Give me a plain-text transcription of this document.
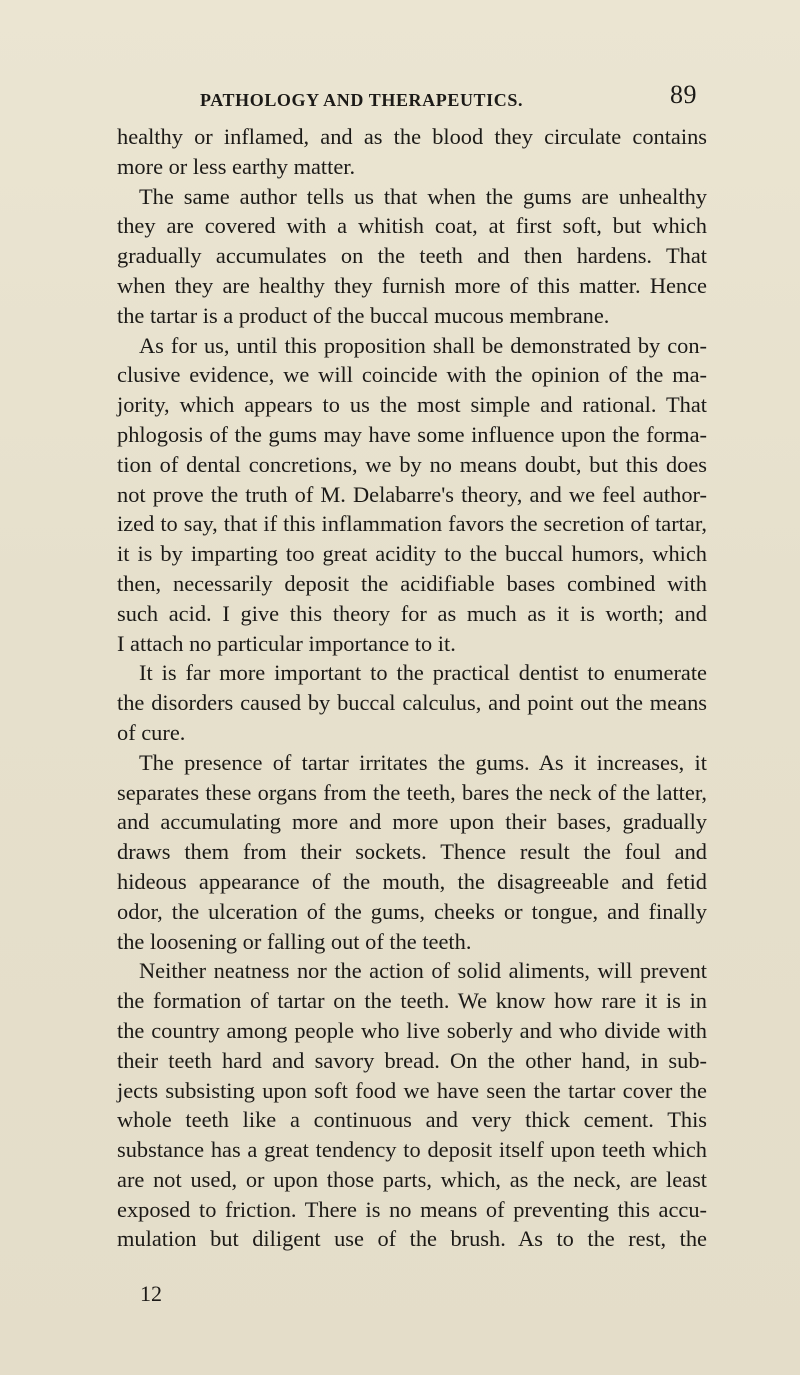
PATHOLOGY AND THERAPEUTICS.	89
healthy or inflamed, and as the blood they circulate contains
more or less earthy matter.
The same author tells us that when the gums are unhealthy
they are covered with a whitish coat, at first soft, but which
gradually accumulates on the teeth and then hardens. That
when they are healthy they furnish more of this matter. Hence
the tartar is a product of the buccal mucous membrane.
As for us, until this proposition shall be demonstrated by con-
clusive evidence, we will coincide with the opinion of the ma-
jority, which appears to us the most simple and rational. That
phlogosis of the gums may have some influence upon the forma-
tion of dental concretions, we by no means doubt, but this does
not prove the truth of M. Delabarre's theory, and we feel author-
ized to say, that if this inflammation favors the secretion of tartar,
it is by imparting too great acidity to the buccal humors, which
then, necessarily deposit the acidifiable bases combined with
such acid. I give this theory for as much as it is worth; and
I attach no particular importance to it.
It is far more important to the practical dentist to enumerate
the disorders caused by buccal calculus, and point out the means
of cure.
The presence of tartar irritates the gums. As it increases, it
separates these organs from the teeth, bares the neck of the latter,
and accumulating more and more upon their bases, gradually
draws them from their sockets. Thence result the foul and
hideous appearance of the mouth, the disagreeable and fetid
odor, the ulceration of the gums, cheeks or tongue, and finally
the loosening or falling out of the teeth.
Neither neatness nor the action of solid aliments, will prevent
the formation of tartar on the teeth. We know how rare it is in
the country among people who live soberly and who divide with
their teeth hard and savory bread. On the other hand, in sub-
jects subsisting upon soft food we have seen the tartar cover the
whole teeth like a continuous and very thick cement. This
substance has a great tendency to deposit itself upon teeth which
are not used, or upon those parts, which, as the neck, are least
exposed to friction. There is no means of preventing this accu-
mulation but diligent use of the brush. As to the rest, the
12
